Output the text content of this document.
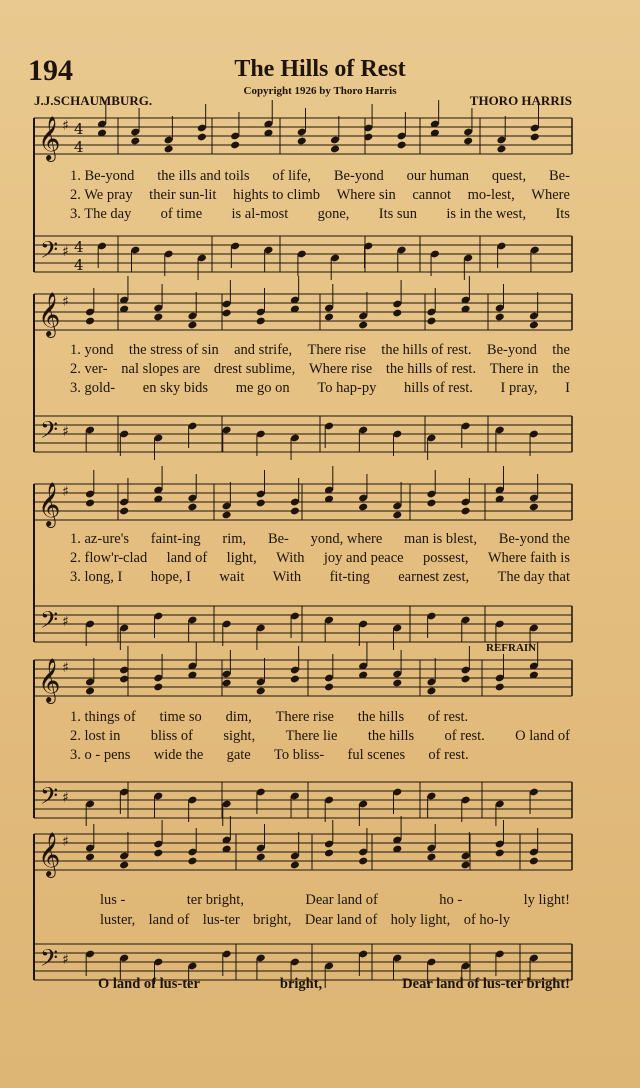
194	The Hills of Rest
Copyright 1926 by Thoro Harris
J.J.SCHAUMBURG.	THORO HARRIS
REFRAIN
𝄞
𝄢
♯
♯
4
4
4
4
𝄞
𝄢
♯
♯
𝄞
𝄢
♯
♯
𝄞
𝄢
♯
♯
𝄞
𝄢
♯
♯
1. Be-yond the ills and toils of life, Be-yond our human quest, Be-
2. We pray their sun-lit hights to climb Where sin cannot mo-lest, Where
3. The day of time is al-most gone, Its sun is in the west, Its
1. yond the stress of sin and strife, There rise the hills of rest. Be-yond the
2. ver- nal slopes are drest sublime, Where rise the hills of rest. There in the
3. gold- en sky bids me go on To hap-py hills of rest. I pray, I
1. az-ure's faint-ing rim, Be- yond, where man is blest, Be-yond the
2. flow'r-clad land of light, With joy and peace possest, Where faith is
3. long, I hope, I wait With fit-ting earnest zest, The day that
1. things of time so dim, There rise the hills of rest.
2. lost in bliss of sight, There lie the hills of rest. O land of
3. o - pens wide the gate To bliss- ful scenes of rest.
lus -	ter bright,	Dear land of	ho -	ly light!
luster, land of lus-ter bright, Dear land of holy light, of ho-ly
O land of lus-ter	bright,	Dear land of lus-ter bright!
